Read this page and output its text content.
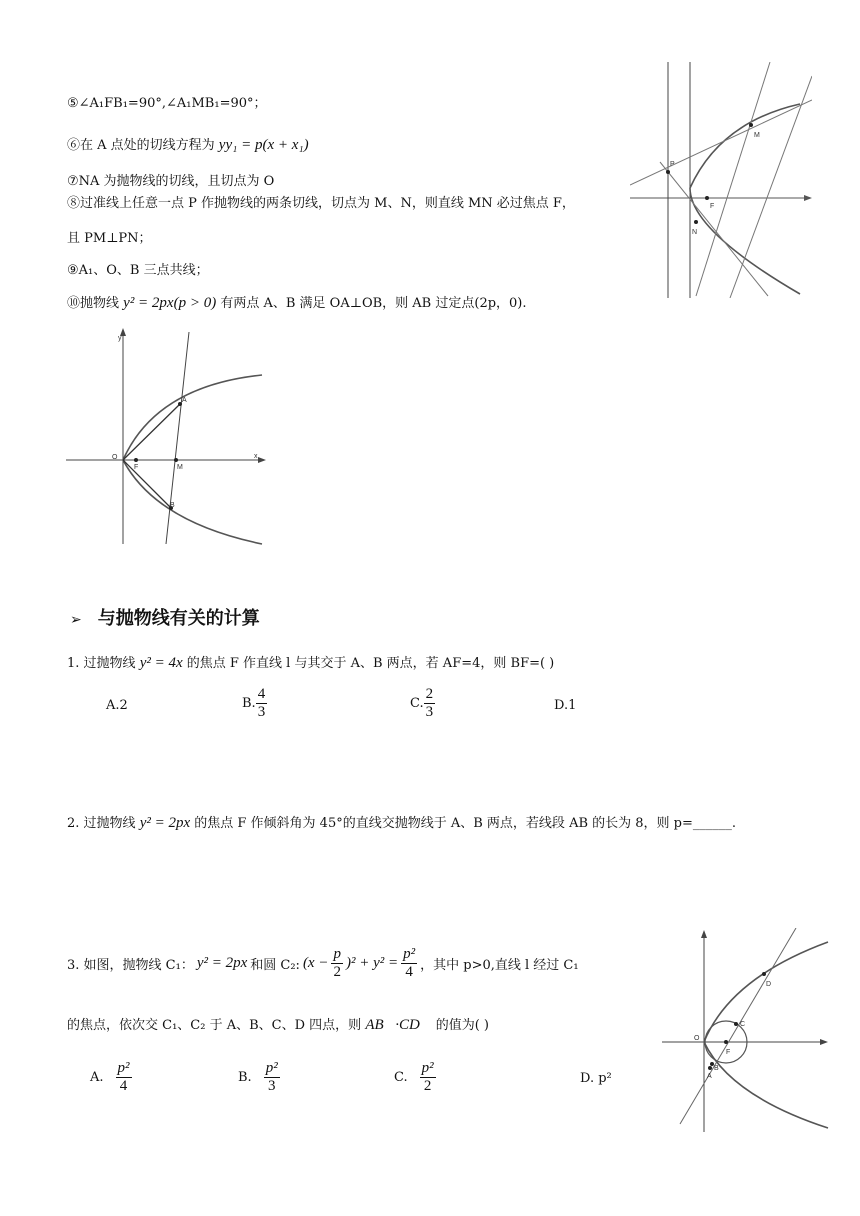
⑤∠A₁FB₁=90°,∠A₁MB₁=90°；
⑥在 A 点处的切线方程为 yy₁ = p(x + x₁)
⑦NA 为抛物线的切线，且切点为 O
⑧过准线上任意一点 P 作抛物线的两条切线，切点为 M、N，则直线 MN 必过焦点 F，
且 PM⊥PN；
⑨A₁、O、B 三点共线；
⑩抛物线 y² = 2px(p > 0) 有两点 A、B 满足 OA⊥OB，则 AB 过定点(2p，0).
M
P
F
N
y
x
O
F	M
A
B
➢ 与抛物线有关的计算
1. 过抛物线 y² = 4x 的焦点 F 作直线 l 与其交于 A、B 两点，若 AF=4，则 BF=( )
A.2	B. $\frac{4}{3}$	C. $\frac{2}{3}$	D.1
2. 过抛物线 y² = 2px 的焦点 F 作倾斜角为 45°的直线交抛物线于 A、B 两点，若线段 AB 的长为 8，则 p=______.
3. 如图，抛物线 C₁： y² = 2px 和圆 C₂: $(x - \frac{p}{2} )^2 + y^2 = \frac{\text{p²}}{4}$ ，其中 p>0,直线 l 经过 C₁
的焦点，依次交 C₁、C₂ 于 A、B、C、D 四点，则 AB⃗·CD⃗ 的值为( )
A. $\frac{\text{p²}}{4}$	B. $\frac{\text{p²}}{3}$	C. $\frac{\text{p²}}{2}$	D. p²
O
F
C
D
B
A
